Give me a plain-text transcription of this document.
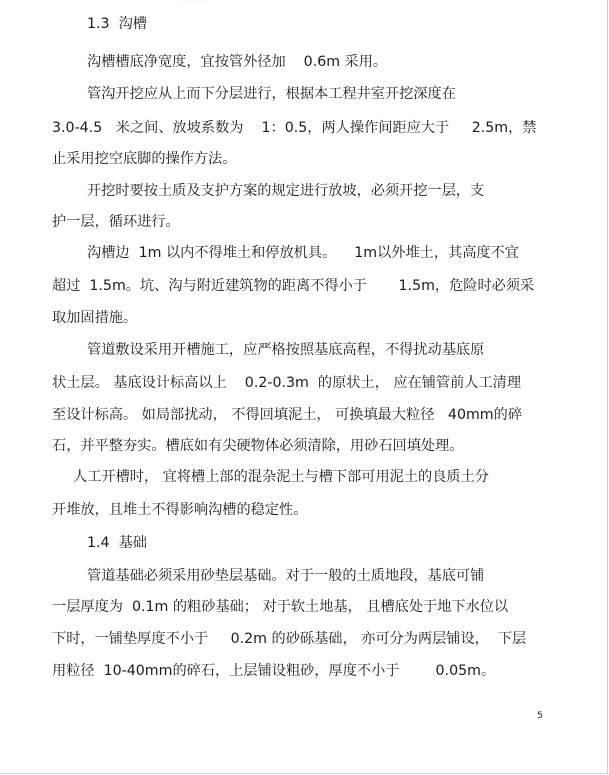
··· ···· ···
1.3  沟槽
沟槽槽底净宽度，宜按管外径加    0.6m 采用。
管沟开挖应从上而下分层进行，根据本工程井室开挖深度在
3.0-4.5   米之间、放坡系数为    1：0.5，两人操作间距应大于     2.5m，禁
止采用挖空底脚的操作方法。
开挖时要按土质及支护方案的规定进行放坡，必须开挖一层，支
护一层，循环进行。
沟槽边  1m 以内不得堆土和停放机具。    1m以外堆土，其高度不宜
超过  1.5m。坑、沟与附近建筑物的距离不得小于       1.5m，危险时必须采
取加固措施。
管道敷设采用开槽施工，应严格按照基底高程，不得扰动基底原
状土层。 基底设计标高以上    0.2-0.3m  的原状土， 应在铺管前人工清理
至设计标高。 如局部扰动， 不得回填泥土， 可换填最大粒径   40mm的碎
石，并平整夯实。槽底如有尖硬物体必须清除，用砂石回填处理。
人工开槽时， 宜将槽上部的混杂泥土与槽下部可用泥土的良质土分
开堆放，且堆土不得影响沟槽的稳定性。
1.4  基础
管道基础必须采用砂垫层基础。对于一般的土质地段，基底可铺
一层厚度为  0.1m 的粗砂基础； 对于软土地基， 且槽底处于地下水位以
下时，一铺垫厚度不小于     0.2m 的砂砾基础， 亦可分为两层铺设，  下层
用粒径  10-40mm的碎石，上层铺设粗砂，厚度不小于        0.05m。
5
